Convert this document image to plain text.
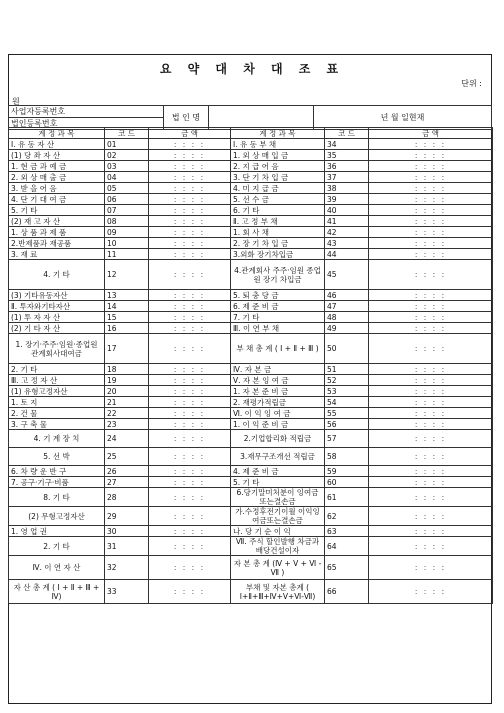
요 약 대 차 대 조 표
단위 :
원
사업자등록번호	법 인 명		년 월 일현재
법인등록번호
계 정 과 목	코 드	금 액	계 정 과 목	코 드	금 액
Ⅰ. 유 동 자 산	01	: : : :	Ⅰ. 유 동 부 채	34	: : : :
(1) 당 좌 자 산	02	: : : :	1. 외 상 매 입 금	35	: : : :
1. 현 금 과 예 금	03	: : : :	2. 지 급 어 음	36	: : : :
2. 외 상 매 출 금	04	: : : :	3. 단 기 차 입 금	37	: : : :
3. 받 을 어 음	05	: : : :	4. 미 지 급 금	38	: : : :
4. 단 기 대 여 금	06	: : : :	5. 선 수 금	39	: : : :
5. 기 타	07	: : : :	6. 기 타	40	: : : :
(2) 재 고 자 산	08	: : : :	Ⅱ. 고 정 부 채	41	: : : :
1. 상 품 과 제 품	09	: : : :	1. 회 사 채	42	: : : :
2.반제품과 재공품	10	: : : :	2. 장 기 차 입 금	43	: : : :
3. 재 료	11	: : : :	3.외화 장기차입금	44	: : : :
4. 기 타	12	: : : :	4.관계회사 주주·임원 종업원 장기 차입금	45	: : : :
(3) 기타유동자산	13	: : : :	5. 퇴 충 당 금	46	: : : :
Ⅱ. 투자와기타자산	14	: : : :	6. 제 준 비 금	47	: : : :
(1) 투 자 자 산	15	: : : :	7. 기 타	48	: : : :
(2) 기 타 자 산	16	: : : :	Ⅲ. 이 연 부 채	49	: : : :
1. 장기·주주·임원·종업원 관계회사대여금	17	: : : :	부 채 총 계 ( Ⅰ + Ⅱ + Ⅲ )	50	: : : :
2. 기 타	18	: : : :	Ⅳ. 자 본 금	51	: : : :
Ⅲ. 고 정 자 산	19	: : : :	Ⅴ. 자 본 잉 여 금	52	: : : :
(1) 유형고정자산	20	: : : :	1. 자 본 준 비 금	53	: : : :
1. 토 지	21	: : : :	2. 재평가적립금	54	: : : :
2. 건 물	22	: : : :	Ⅵ. 이 익 잉 여 금	55	: : : :
3. 구 축 물	23	: : : :	1. 이 익 준 비 금	56	: : : :
4. 기 계 장 치	24	: : : :	2.기업합리화 적립금	57	: : : :
5. 선 박	25	: : : :	3.재무구조개선 적립금	58	: : : :
6. 차 량 운 반 구	26	: : : :	4. 제 준 비 금	59	: : : :
7. 공구·기구·비품	27	: : : :	5. 기 타	60	: : : :
8. 기 타	28	: : : :	6.당기말미처분이 잉여금또는결손금	61	: : : :
(2) 무형고정자산	29	: : : :	가.수정후전기이월 이익잉여금또는결손금	62	: : : :
1. 영 업 권	30	: : : :	나. 당 기 순 이 익	63	: : : :
2. 기 타	31	: : : :	Ⅶ. 주식 할인발행 차금과배당건설이자	64	: : : :
Ⅳ. 이 연 자 산	32	: : : :	자 본 총 계 (Ⅳ + Ⅴ + Ⅵ - Ⅶ )	65	: : : :
자 산 총 계 ( Ⅰ + Ⅱ + Ⅲ + Ⅳ)	33	: : : :	부채 및 자본 총계 ( Ⅰ+Ⅱ+Ⅲ+Ⅳ+Ⅴ+Ⅵ-Ⅶ)	66	: : : :
